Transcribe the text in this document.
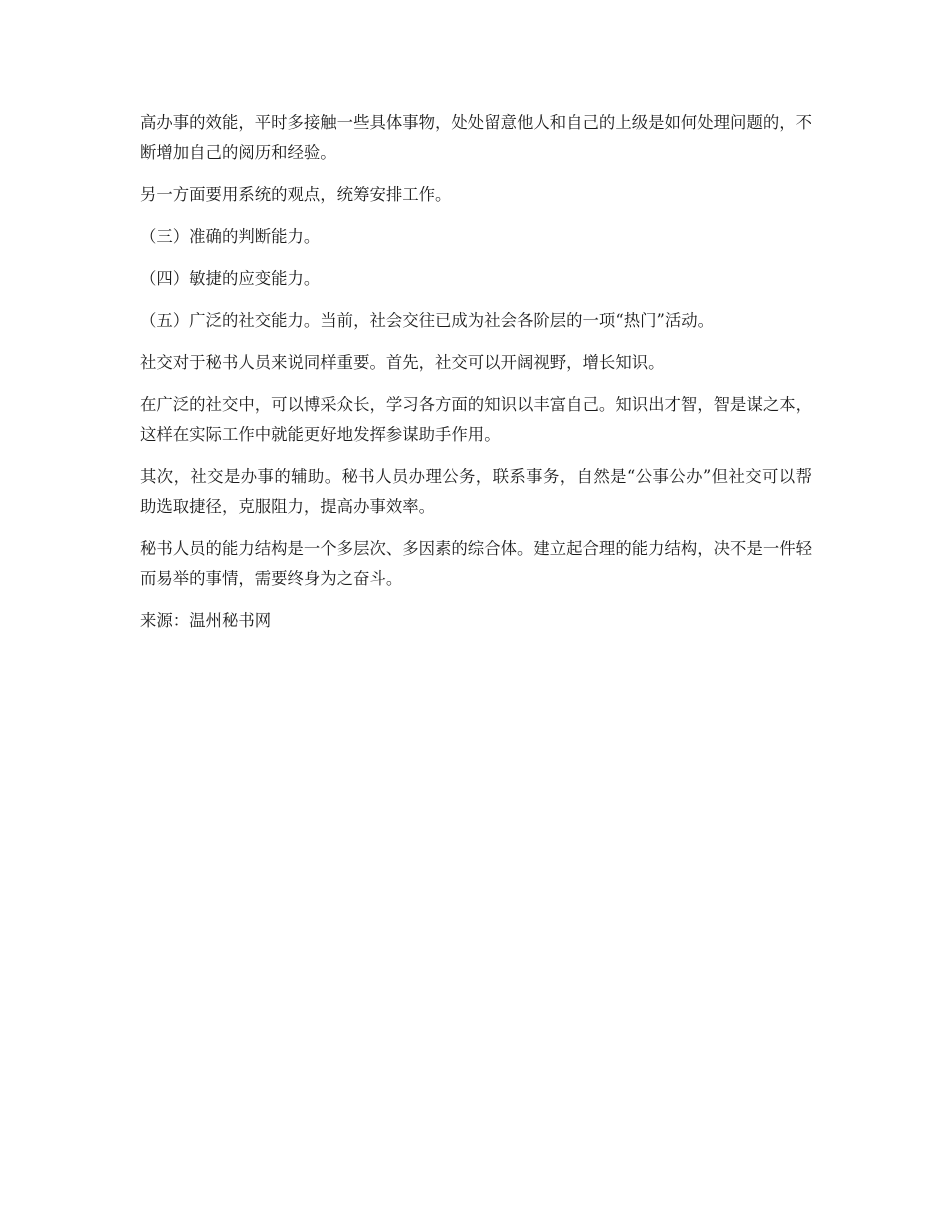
高办事的效能，平时多接触一些具体事物，处处留意他人和自己的上级是如何处理问题的，不断增加自己的阅历和经验。

另一方面要用系统的观点，统筹安排工作。

（三）准确的判断能力。

（四）敏捷的应变能力。

（五）广泛的社交能力。当前，社会交往已成为社会各阶层的一项“热门”活动。

社交对于秘书人员来说同样重要。首先，社交可以开阔视野，增长知识。

在广泛的社交中，可以博采众长，学习各方面的知识以丰富自己。知识出才智，智是谋之本，这样在实际工作中就能更好地发挥参谋助手作用。

其次，社交是办事的辅助。秘书人员办理公务，联系事务，自然是“公事公办”但社交可以帮助选取捷径，克服阻力，提高办事效率。

秘书人员的能力结构是一个多层次、多因素的综合体。建立起合理的能力结构，决不是一件轻而易举的事情，需要终身为之奋斗。

来源：温州秘书网
